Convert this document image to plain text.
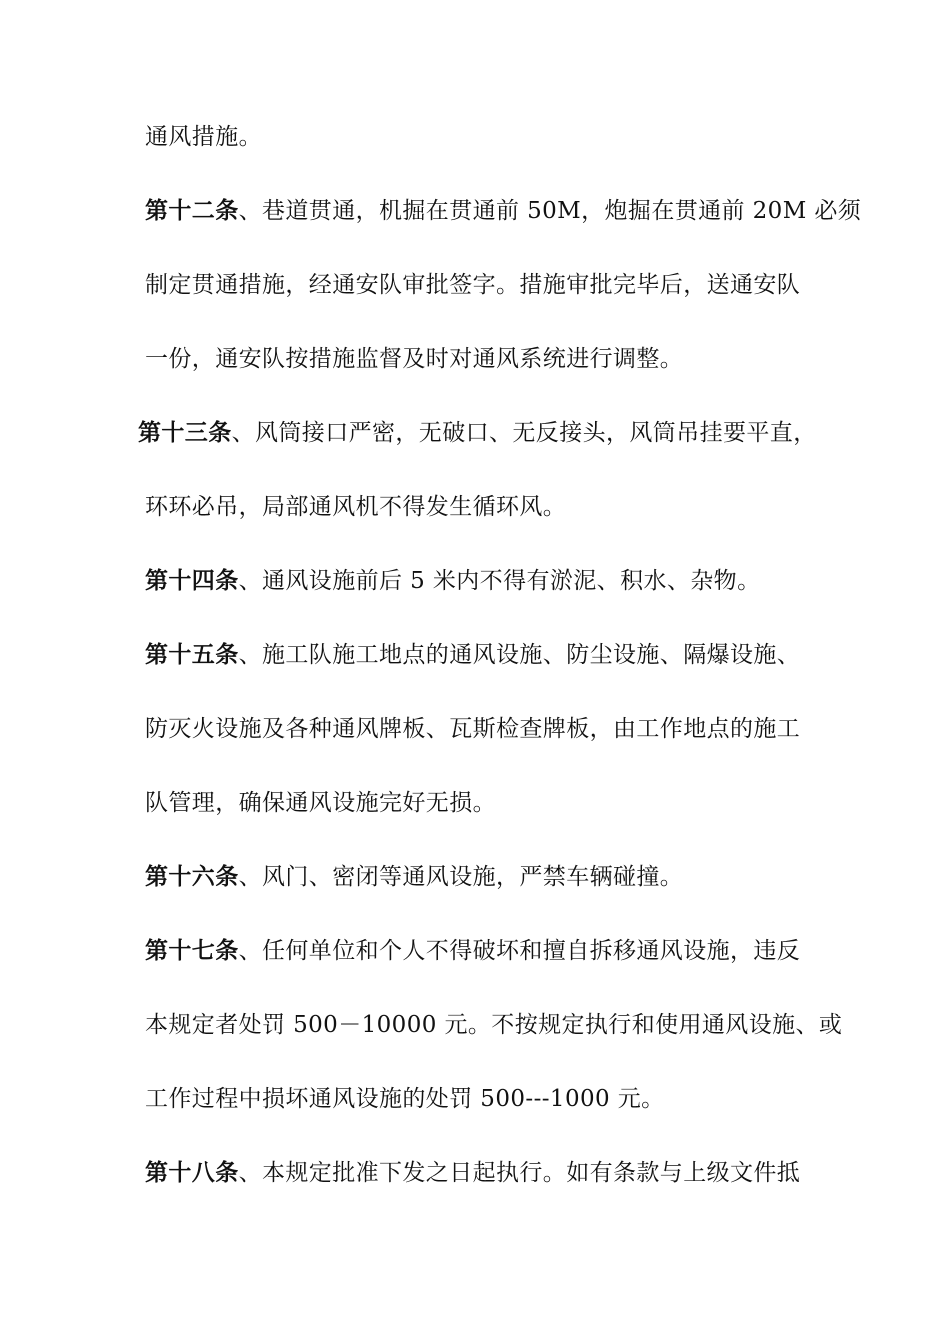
通风措施。
第十二条、巷道贯通，机掘在贯通前 50M，炮掘在贯通前 20M 必须
制定贯通措施，经通安队审批签字。措施审批完毕后，送通安队
一份，通安队按措施监督及时对通风系统进行调整。
第十三条、风筒接口严密，无破口、无反接头，风筒吊挂要平直，
环环必吊，局部通风机不得发生循环风。
第十四条、通风设施前后 5 米内不得有淤泥、积水、杂物。
第十五条、施工队施工地点的通风设施、防尘设施、隔爆设施、
防灭火设施及各种通风牌板、瓦斯检查牌板，由工作地点的施工
队管理，确保通风设施完好无损。
第十六条、风门、密闭等通风设施，严禁车辆碰撞。
第十七条、任何单位和个人不得破坏和擅自拆移通风设施，违反
本规定者处罚 500－10000 元。不按规定执行和使用通风设施、或
工作过程中损坏通风设施的处罚 500---1000 元。
第十八条、本规定批准下发之日起执行。如有条款与上级文件抵
